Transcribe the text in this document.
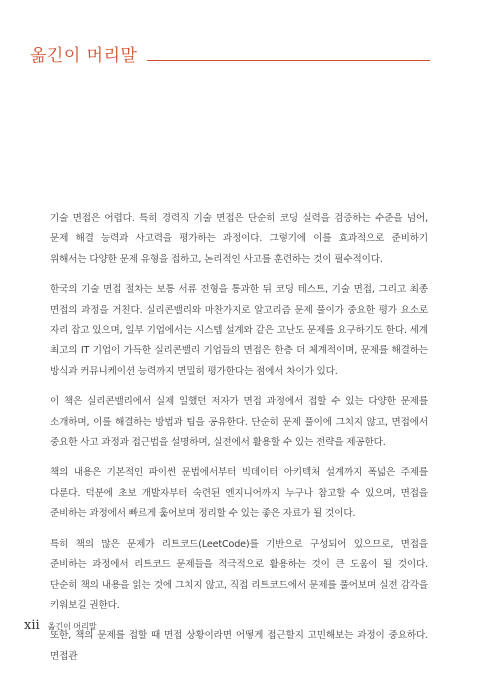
옮긴이 머리말

기술 면접은 어렵다. 특히 경력직 기술 면접은 단순히 코딩 실력을 검증하는 수준을 넘어, 문제 해결 능력과 사고력을 평가하는 과정이다. 그렇기에 이를 효과적으로 준비하기 위해서는 다양한 문제 유형을 접하고, 논리적인 사고를 훈련하는 것이 필수적이다.

한국의 기술 면접 절차는 보통 서류 전형을 통과한 뒤 코딩 테스트, 기술 면접, 그리고 최종 면접의 과정을 거친다. 실리콘밸리와 마찬가지로 알고리즘 문제 풀이가 중요한 평가 요소로 자리 잡고 있으며, 일부 기업에서는 시스템 설계와 같은 고난도 문제를 요구하기도 한다. 세계 최고의 IT 기업이 가득한 실리콘밸리 기업들의 면접은 한층 더 체계적이며, 문제를 해결하는 방식과 커뮤니케이션 능력까지 면밀히 평가한다는 점에서 차이가 있다.

이 책은 실리콘밸리에서 실제 일했던 저자가 면접 과정에서 접할 수 있는 다양한 문제를 소개하며, 이를 해결하는 방법과 팁을 공유한다. 단순히 문제 풀이에 그치지 않고, 면접에서 중요한 사고 과정과 접근법을 설명하며, 실전에서 활용할 수 있는 전략을 제공한다.

책의 내용은 기본적인 파이썬 문법에서부터 빅데이터 아키텍처 설계까지 폭넓은 주제를 다룬다. 덕분에 초보 개발자부터 숙련된 엔지니어까지 누구나 참고할 수 있으며, 면접을 준비하는 과정에서 빠르게 훑어보며 정리할 수 있는 좋은 자료가 될 것이다.

특히 책의 많은 문제가 리트코드(LeetCode)를 기반으로 구성되어 있으므로, 면접을 준비하는 과정에서 리트코드 문제들을 적극적으로 활용하는 것이 큰 도움이 될 것이다. 단순히 책의 내용을 읽는 것에 그치지 않고, 직접 리트코드에서 문제를 풀어보며 실전 감각을 키워보길 권한다.

또한, 책의 문제를 접할 때 면접 상황이라면 어떻게 접근할지 고민해보는 과정이 중요하다. 면접관

xii 옮긴이 머리말
